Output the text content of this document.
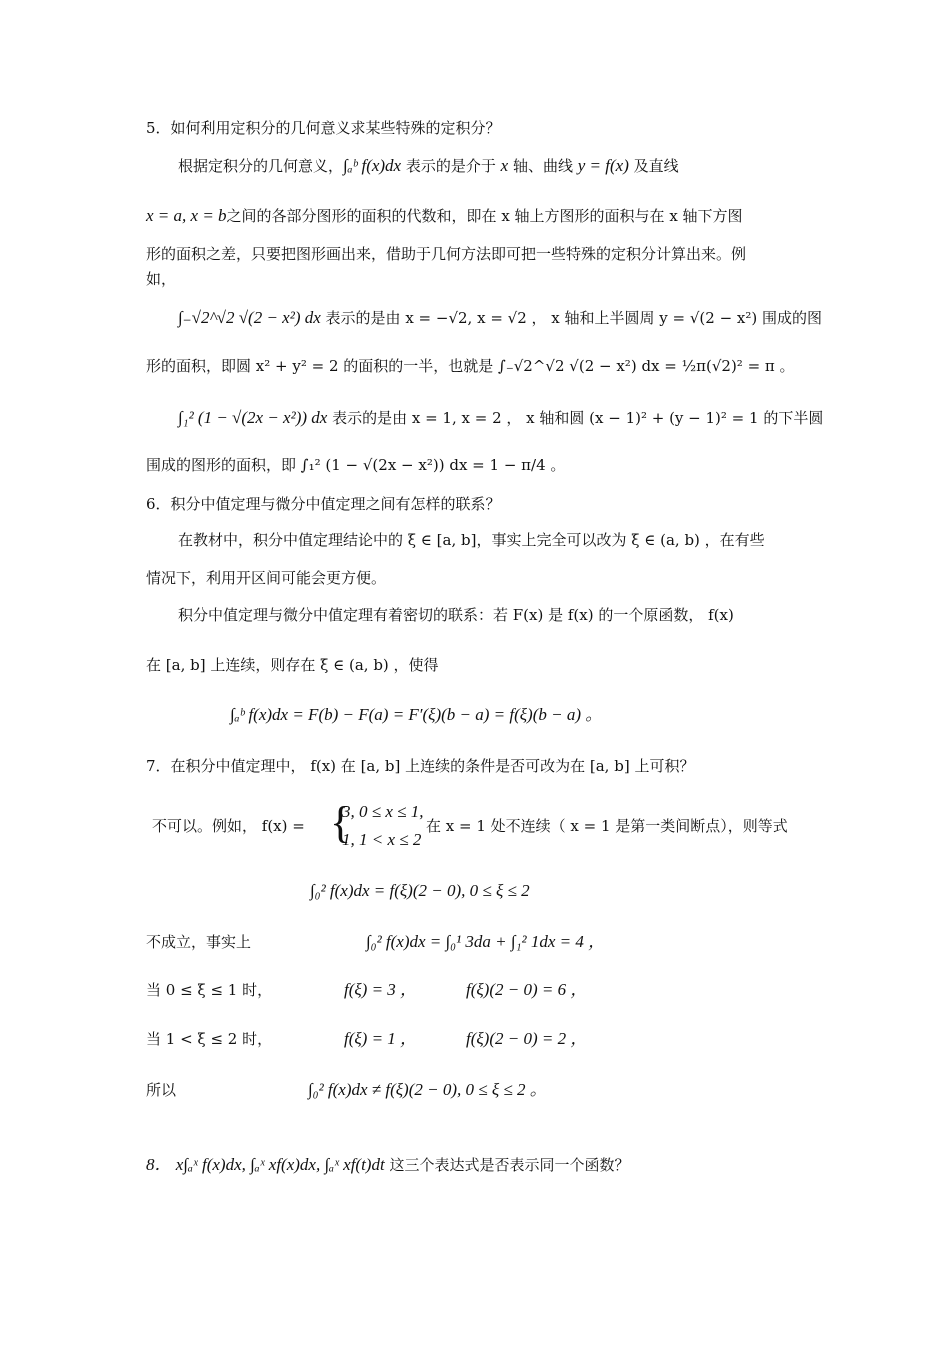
5．如何利用定积分的几何意义求某些特殊的定积分？
根据定积分的几何意义，∫ₐᵇ f(x)dx 表示的是介于 x 轴、曲线 y = f(x) 及直线
x = a, x = b之间的各部分图形的面积的代数和，即在 x 轴上方图形的面积与在 x 轴下方图
形的面积之差，只要把图形画出来，借助于几何方法即可把一些特殊的定积分计算出来。例
如，
∫₋√2^√2 √(2 − x²) dx 表示的是由 x = −√2, x = √2 ， x 轴和上半圆周 y = √(2 − x²) 围成的图
形的面积，即圆 x² + y² = 2 的面积的一半，也就是 ∫₋√2^√2 √(2 − x²) dx = ½π(√2)² = π 。
∫₁² (1 − √(2x − x²)) dx 表示的是由 x = 1, x = 2 ， x 轴和圆 (x − 1)² + (y − 1)² = 1 的下半圆
围成的图形的面积，即 ∫₁² (1 − √(2x − x²)) dx = 1 − π/4 。
6．积分中值定理与微分中值定理之间有怎样的联系？
在教材中，积分中值定理结论中的 ξ ∈ [a, b]，事实上完全可以改为 ξ ∈ (a, b) ，在有些
情况下，利用开区间可能会更方便。
积分中值定理与微分中值定理有着密切的联系：若 F(x) 是 f(x) 的一个原函数， f(x)
在 [a, b] 上连续，则存在 ξ ∈ (a, b) ，使得
∫ₐᵇ f(x)dx = F(b) − F(a) = F′(ξ)(b − a) = f(ξ)(b − a) 。
7．在积分中值定理中， f(x) 在 [a, b] 上连续的条件是否可改为在 [a, b] 上可积？
不可以。例如， f(x) = {
3, 0 ≤ x ≤ 1,
1, 1 < x ≤ 2
在 x = 1 处不连续（ x = 1 是第一类间断点），则等式
∫₀² f(x)dx = f(ξ)(2 − 0), 0 ≤ ξ ≤ 2
不成立，事实上	∫₀² f(x)dx = ∫₀¹ 3da + ∫₁² 1dx = 4 ，
当 0 ≤ ξ ≤ 1 时，	f(ξ) = 3 ，	f(ξ)(2 − 0) = 6 ，
当 1 < ξ ≤ 2 时，	f(ξ) = 1 ，	f(ξ)(2 − 0) = 2 ，
所以	∫₀² f(x)dx ≠ f(ξ)(2 − 0), 0 ≤ ξ ≤ 2 。
8． x∫ₐˣ f(x)dx, ∫ₐˣ xf(x)dx, ∫ₐˣ xf(t)dt 这三个表达式是否表示同一个函数？
